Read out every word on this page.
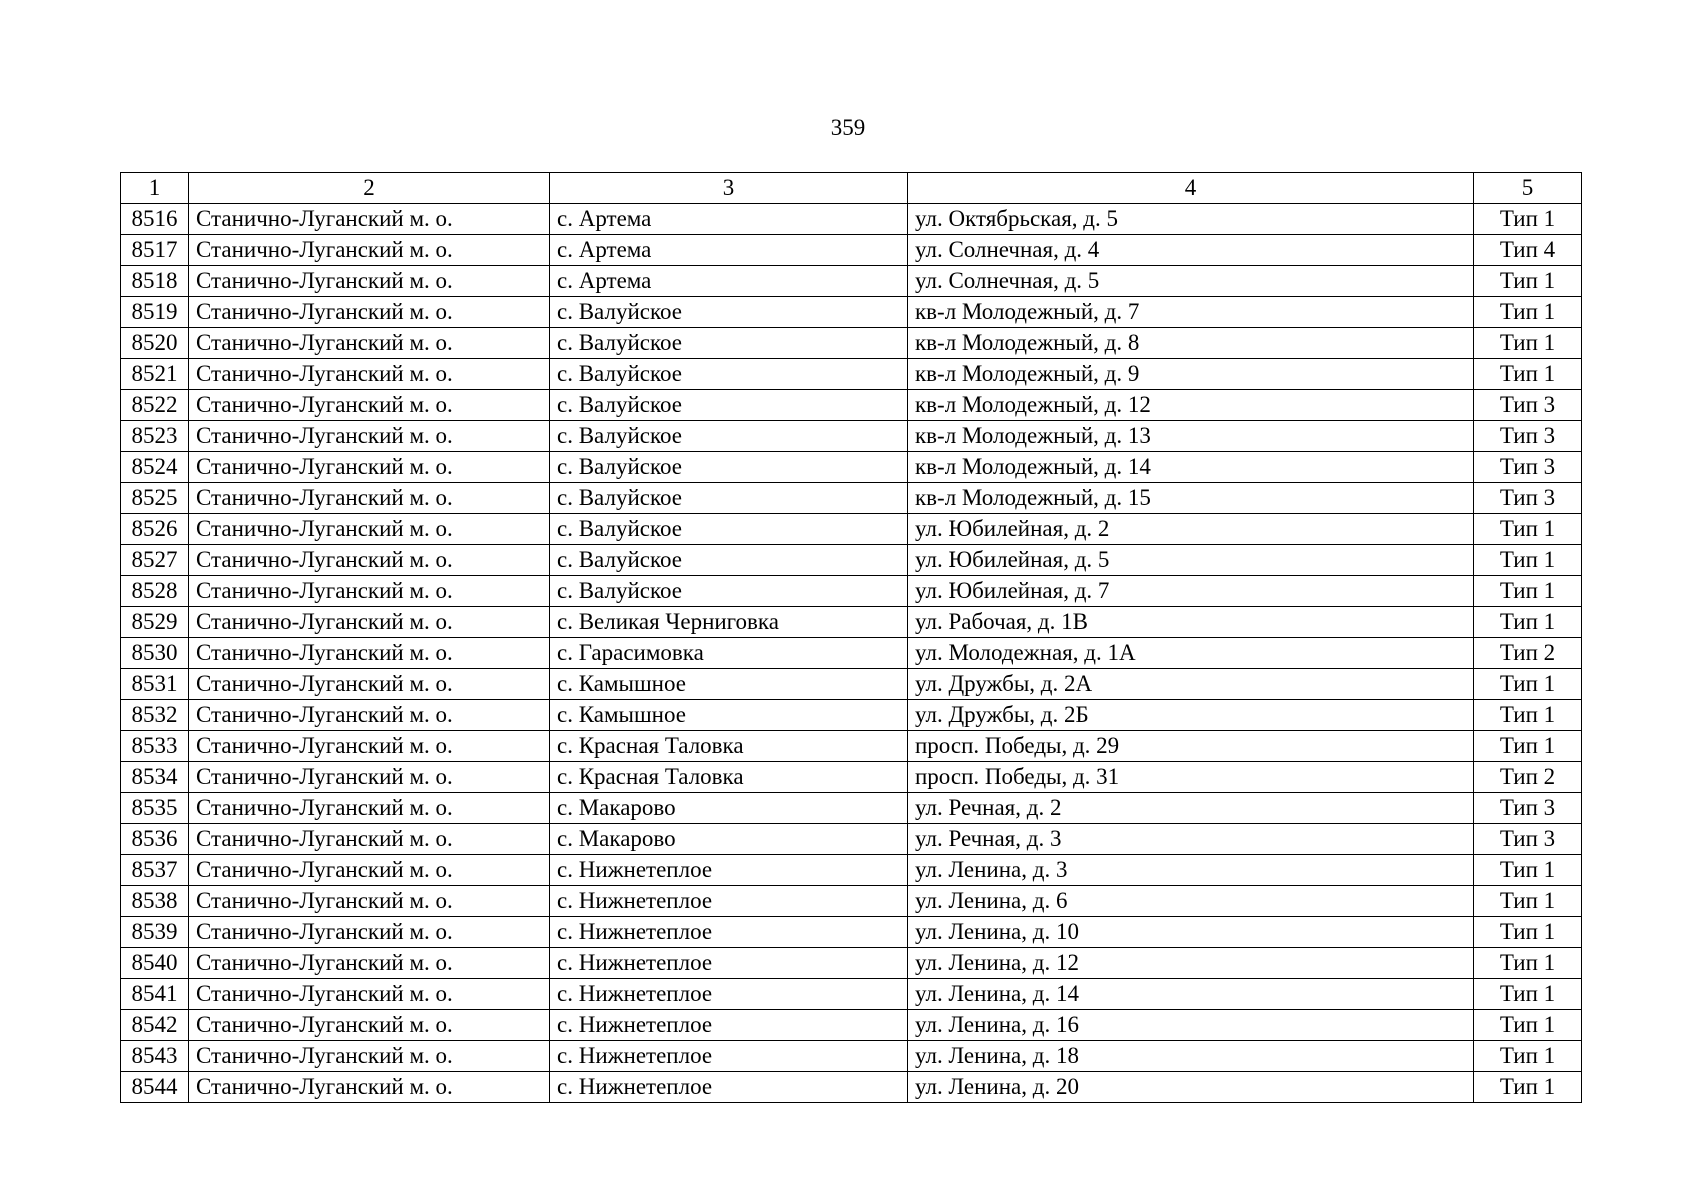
359
1	2	3	4	5
8516	Станично-Луганский м. о.	с. Артема	ул. Октябрьская, д. 5	Тип 1
8517	Станично-Луганский м. о.	с. Артема	ул. Солнечная, д. 4	Тип 4
8518	Станично-Луганский м. о.	с. Артема	ул. Солнечная, д. 5	Тип 1
8519	Станично-Луганский м. о.	с. Валуйское	кв-л Молодежный, д. 7	Тип 1
8520	Станично-Луганский м. о.	с. Валуйское	кв-л Молодежный, д. 8	Тип 1
8521	Станично-Луганский м. о.	с. Валуйское	кв-л Молодежный, д. 9	Тип 1
8522	Станично-Луганский м. о.	с. Валуйское	кв-л Молодежный, д. 12	Тип 3
8523	Станично-Луганский м. о.	с. Валуйское	кв-л Молодежный, д. 13	Тип 3
8524	Станично-Луганский м. о.	с. Валуйское	кв-л Молодежный, д. 14	Тип 3
8525	Станично-Луганский м. о.	с. Валуйское	кв-л Молодежный, д. 15	Тип 3
8526	Станично-Луганский м. о.	с. Валуйское	ул. Юбилейная, д. 2	Тип 1
8527	Станично-Луганский м. о.	с. Валуйское	ул. Юбилейная, д. 5	Тип 1
8528	Станично-Луганский м. о.	с. Валуйское	ул. Юбилейная, д. 7	Тип 1
8529	Станично-Луганский м. о.	с. Великая Черниговка	ул. Рабочая, д. 1В	Тип 1
8530	Станично-Луганский м. о.	с. Гарасимовка	ул. Молодежная, д. 1А	Тип 2
8531	Станично-Луганский м. о.	с. Камышное	ул. Дружбы, д. 2А	Тип 1
8532	Станично-Луганский м. о.	с. Камышное	ул. Дружбы, д. 2Б	Тип 1
8533	Станично-Луганский м. о.	с. Красная Таловка	просп. Победы, д. 29	Тип 1
8534	Станично-Луганский м. о.	с. Красная Таловка	просп. Победы, д. 31	Тип 2
8535	Станично-Луганский м. о.	с. Макарово	ул. Речная, д. 2	Тип 3
8536	Станично-Луганский м. о.	с. Макарово	ул. Речная, д. 3	Тип 3
8537	Станично-Луганский м. о.	с. Нижнетеплое	ул. Ленина, д. 3	Тип 1
8538	Станично-Луганский м. о.	с. Нижнетеплое	ул. Ленина, д. 6	Тип 1
8539	Станично-Луганский м. о.	с. Нижнетеплое	ул. Ленина, д. 10	Тип 1
8540	Станично-Луганский м. о.	с. Нижнетеплое	ул. Ленина, д. 12	Тип 1
8541	Станично-Луганский м. о.	с. Нижнетеплое	ул. Ленина, д. 14	Тип 1
8542	Станично-Луганский м. о.	с. Нижнетеплое	ул. Ленина, д. 16	Тип 1
8543	Станично-Луганский м. о.	с. Нижнетеплое	ул. Ленина, д. 18	Тип 1
8544	Станично-Луганский м. о.	с. Нижнетеплое	ул. Ленина, д. 20	Тип 1
